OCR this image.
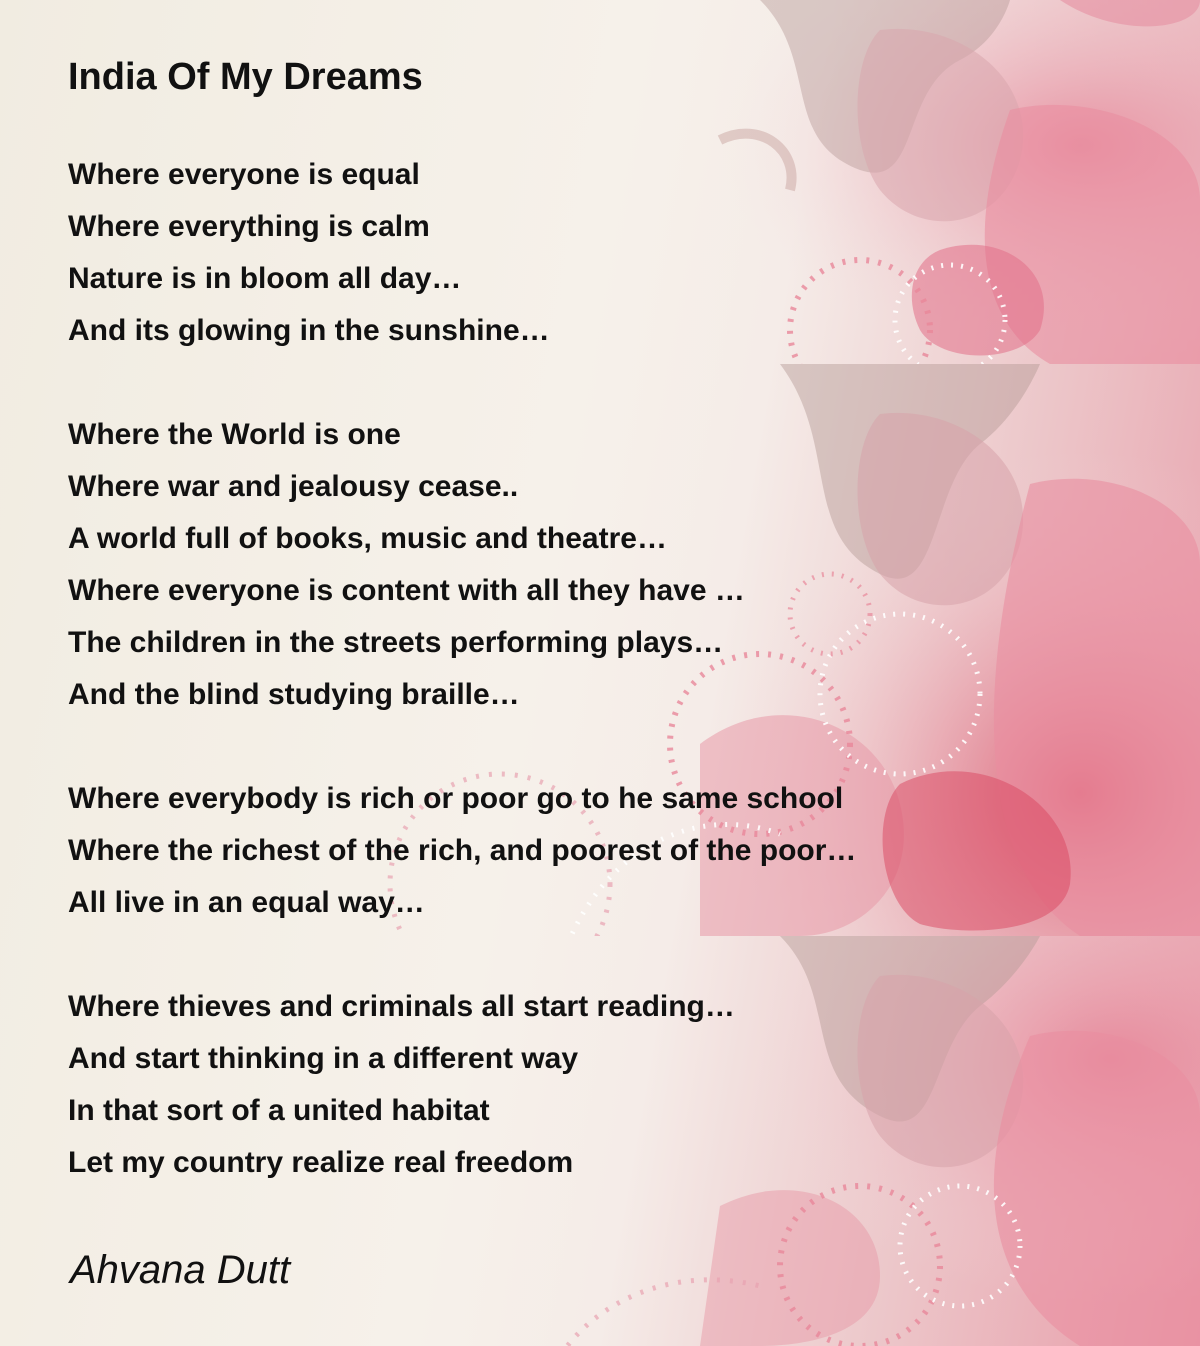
India Of My Dreams

Where everyone is equal

Where everything is calm

Nature is in bloom all day…

And its glowing in the sunshine…

Where the World is one

Where war and jealousy cease..

A world full of books, music and theatre…

Where everyone is content with all they have …

The children in the streets performing plays…

And the blind studying braille…

Where everybody is rich or poor go to he same school

Where the richest of the rich, and poorest of the poor…

All live in an equal way…

Where thieves and criminals all start reading…

And start thinking in a different way

In that sort of a united habitat

Let my country realize real freedom

Ahvana Dutt
